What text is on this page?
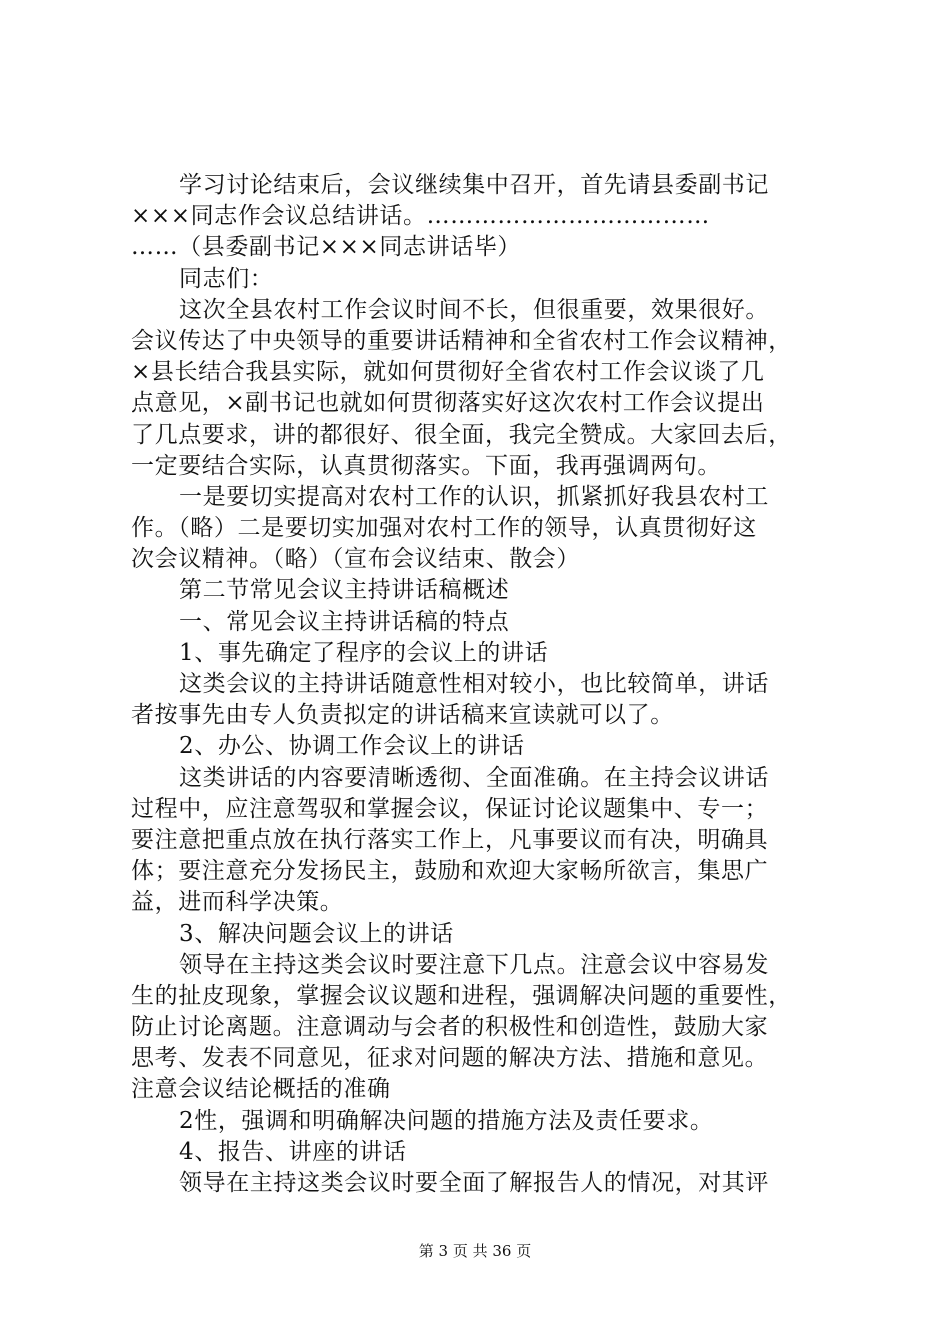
学习讨论结束后，会议继续集中召开，首先请县委副书记
×××同志作会议总结讲话。………………………………
……（县委副书记×××同志讲话毕）
同志们：
这次全县农村工作会议时间不长，但很重要，效果很好。
会议传达了中央领导的重要讲话精神和全省农村工作会议精神，
×县长结合我县实际，就如何贯彻好全省农村工作会议谈了几
点意见，×副书记也就如何贯彻落实好这次农村工作会议提出
了几点要求，讲的都很好、很全面，我完全赞成。大家回去后，
一定要结合实际，认真贯彻落实。下面，我再强调两句。
一是要切实提高对农村工作的认识，抓紧抓好我县农村工
作。（略）二是要切实加强对农村工作的领导，认真贯彻好这
次会议精神。（略）（宣布会议结束、散会）
第二节常见会议主持讲话稿概述
一、常见会议主持讲话稿的特点
1、事先确定了程序的会议上的讲话
这类会议的主持讲话随意性相对较小，也比较简单，讲话
者按事先由专人负责拟定的讲话稿来宣读就可以了。
2、办公、协调工作会议上的讲话
这类讲话的内容要清晰透彻、全面准确。在主持会议讲话
过程中，应注意驾驭和掌握会议，保证讨论议题集中、专一；
要注意把重点放在执行落实工作上，凡事要议而有决，明确具
体；要注意充分发扬民主，鼓励和欢迎大家畅所欲言，集思广
益，进而科学决策。
3、解决问题会议上的讲话
领导在主持这类会议时要注意下几点。注意会议中容易发
生的扯皮现象，掌握会议议题和进程，强调解决问题的重要性，
防止讨论离题。注意调动与会者的积极性和创造性，鼓励大家
思考、发表不同意见，征求对问题的解决方法、措施和意见。
注意会议结论概括的准确
2性，强调和明确解决问题的措施方法及责任要求。
4、报告、讲座的讲话
领导在主持这类会议时要全面了解报告人的情况，对其评
第 3 页 共 36 页
